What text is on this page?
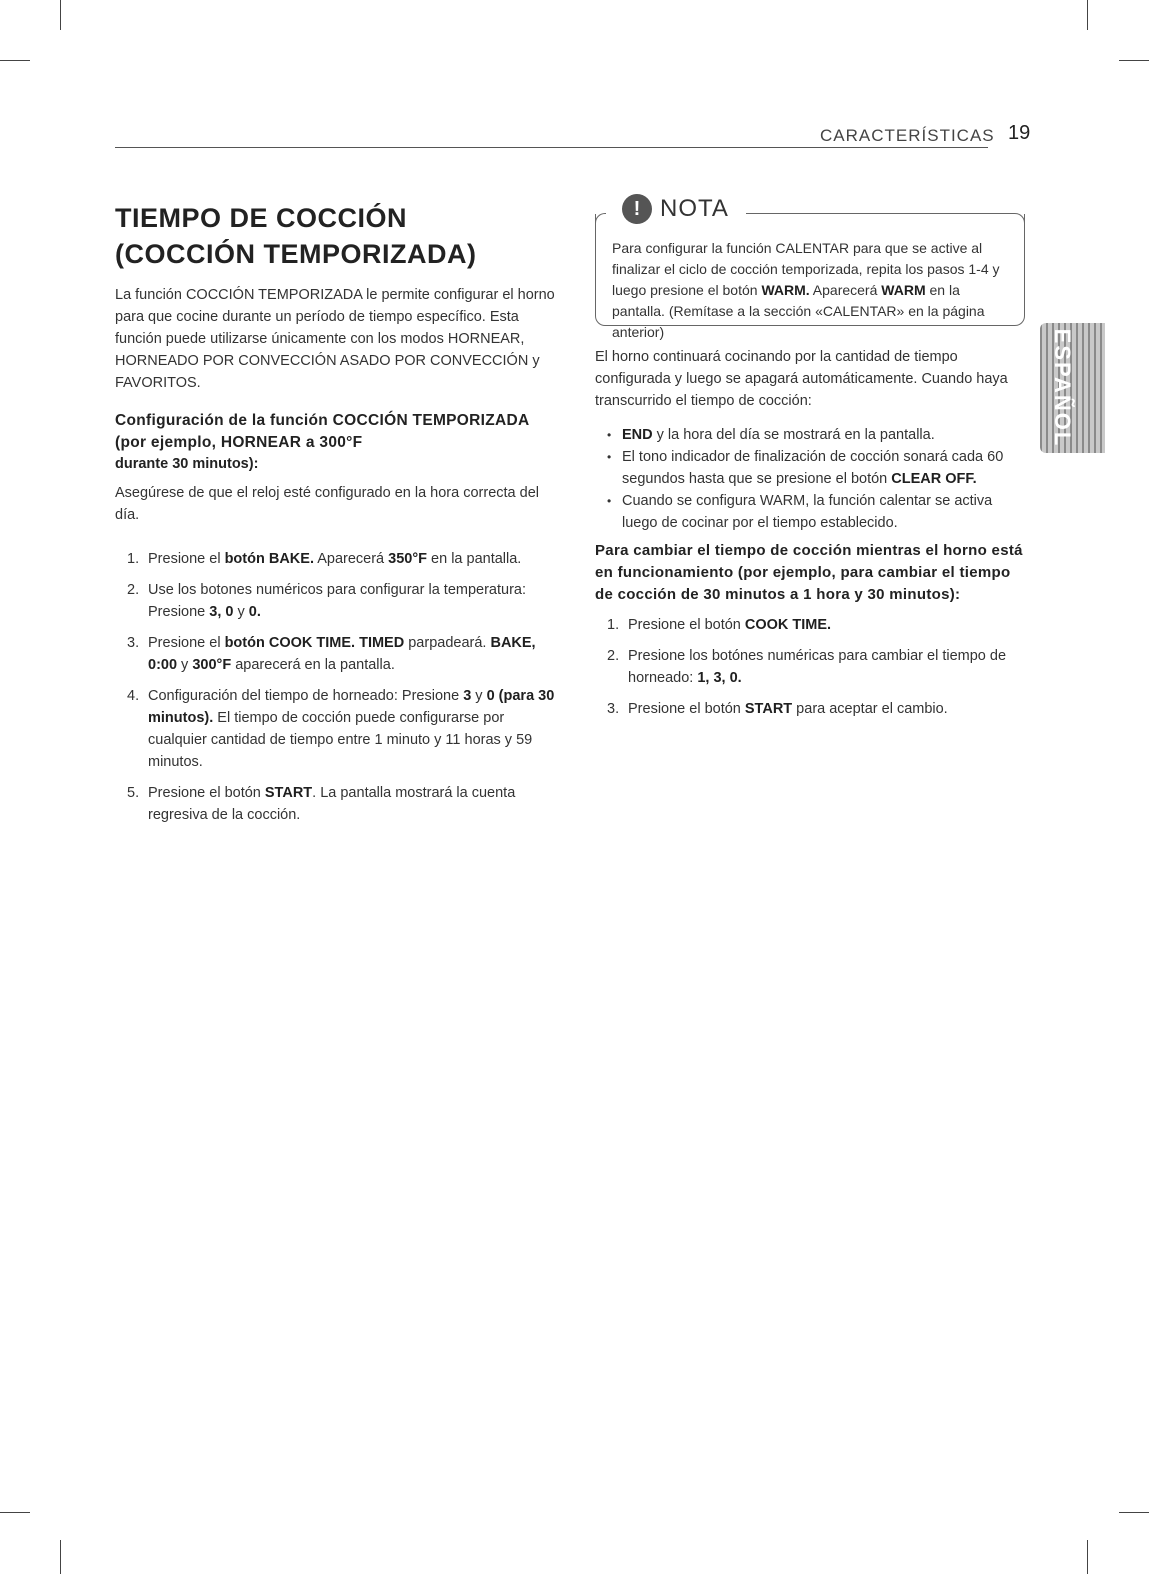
CARACTERÍSTICAS 19
ESPAÑOL
TIEMPO DE COCCIÓN (COCCIÓN TEMPORIZADA)

La función COCCIÓN TEMPORIZADA le permite configurar el horno para que cocine durante un período de tiempo específico. Esta función puede utilizarse únicamente con los modos HORNEAR, HORNEADO POR CONVECCIÓN ASADO POR CONVECCIÓN y FAVORITOS.

Configuración de la función COCCIÓN TEMPORIZADA (por ejemplo, HORNEAR a 300°F
durante 30 minutos):

Asegúrese de que el reloj esté configurado en la hora correcta del día.

1. Presione el botón BAKE. Aparecerá 350°F en la pantalla.
2. Use los botones numéricos para configurar la temperatura: Presione 3, 0 y 0.
3. Presione el botón COOK TIME. TIMED parpadeará. BAKE, 0:00 y 300°F aparecerá en la pantalla.
4. Configuración del tiempo de horneado: Presione 3 y 0 (para 30 minutos). El tiempo de cocción puede configurarse por cualquier cantidad de tiempo entre 1 minuto y 11 horas y 59 minutos.
5. Presione el botón START. La pantalla mostrará la cuenta regresiva de la cocción.
! NOTA
Para configurar la función CALENTAR para que se active al finalizar el ciclo de cocción temporizada, repita los pasos 1-4 y luego presione el botón WARM. Aparecerá WARM en la pantalla. (Remítase a la sección «CALENTAR» en la página anterior)

El horno continuará cocinando por la cantidad de tiempo configurada y luego se apagará automáticamente. Cuando haya transcurrido el tiempo de cocción:

• END y la hora del día se mostrará en la pantalla.
• El tono indicador de finalización de cocción sonará cada 60 segundos hasta que se presione el botón CLEAR OFF.
• Cuando se configura WARM, la función calentar se activa luego de cocinar por el tiempo establecido.
Para cambiar el tiempo de cocción mientras el horno está en funcionamiento (por ejemplo, para cambiar el tiempo de cocción de 30 minutos a 1 hora y 30 minutos):
1. Presione el botón COOK TIME.
2. Presione los botónes numéricas para cambiar el tiempo de horneado: 1, 3, 0.
3. Presione el botón START para aceptar el cambio.
